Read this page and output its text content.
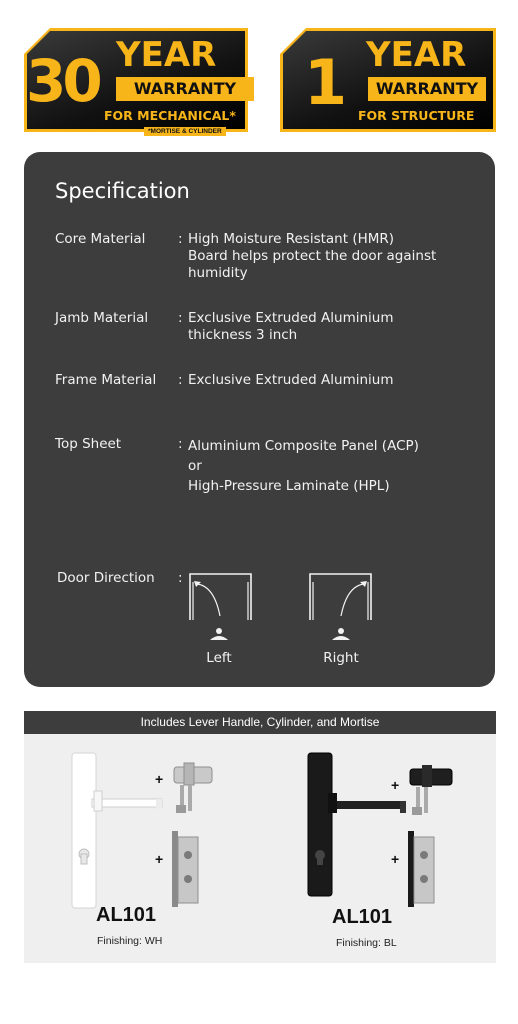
30 YEAR
WARRANTY
FOR MECHANICAL*
*MORTISE & CYLINDER
1 YEAR
WARRANTY
FOR STRUCTURE
Specification
Core Material	: High Moisture Resistant (HMR)
Board helps protect the door against
humidity
Jamb Material	: Exclusive Extruded Aluminium
thickness 3 inch
Frame Material	: Exclusive Extruded Aluminium
Top Sheet	: Aluminium Composite Panel (ACP)
or
High-Pressure Laminate (HPL)
Door Direction	:
Left	Right
Includes Lever Handle, Cylinder, and Mortise
+
+
AL101
Finishing: WH
+
+
AL101
Finishing: BL
